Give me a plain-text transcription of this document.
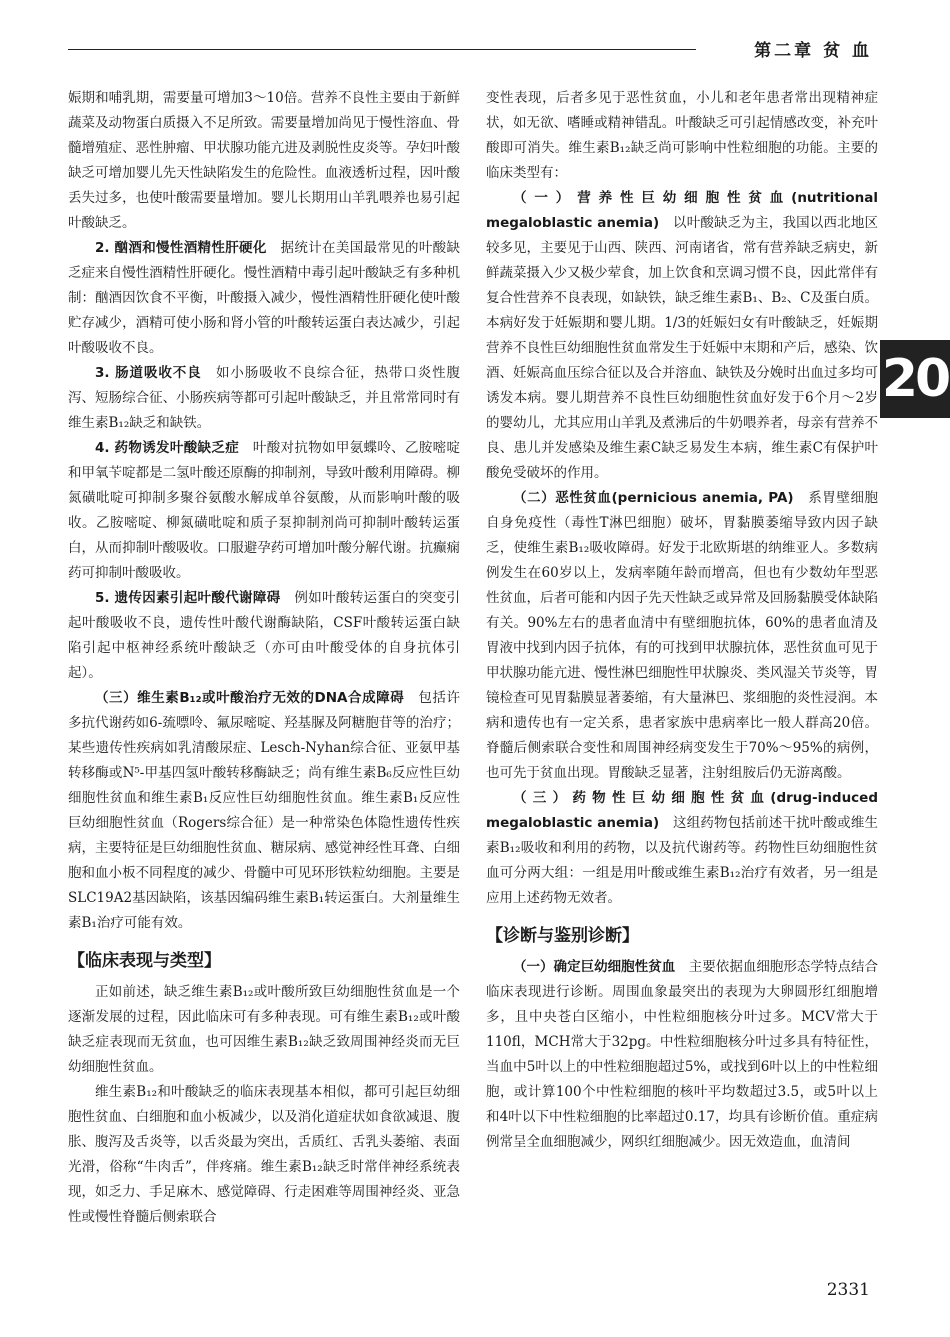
第二章 贫 血

娠期和哺乳期，需要量可增加3～10倍。营养不良性主要由于新鲜蔬菜及动物蛋白质摄入不足所致。需要量增加尚见于慢性溶血、骨髓增殖症、恶性肿瘤、甲状腺功能亢进及剥脱性皮炎等。孕妇叶酸缺乏可增加婴儿先天性缺陷发生的危险性。血液透析过程，因叶酸丢失过多，也使叶酸需要量增加。婴儿长期用山羊乳喂养也易引起叶酸缺乏。

2. 酗酒和慢性酒精性肝硬化　 据统计在美国最常见的叶酸缺乏症来自慢性酒精性肝硬化。慢性酒精中毒引起叶酸缺乏有多种机制：酗酒因饮食不平衡，叶酸摄入减少，慢性酒精性肝硬化使叶酸贮存减少，酒精可使小肠和肾小管的叶酸转运蛋白表达减少，引起叶酸吸收不良。

3. 肠道吸收不良　 如小肠吸收不良综合征，热带口炎性腹泻、短肠综合征、小肠疾病等都可引起叶酸缺乏，并且常常同时有维生素B₁₂缺乏和缺铁。

4. 药物诱发叶酸缺乏症　 叶酸对抗物如甲氨蝶呤、乙胺嘧啶和甲氧苄啶都是二氢叶酸还原酶的抑制剂，导致叶酸利用障碍。柳氮磺吡啶可抑制多聚谷氨酸水解成单谷氨酸，从而影响叶酸的吸收。乙胺嘧啶、柳氮磺吡啶和质子泵抑制剂尚可抑制叶酸转运蛋白，从而抑制叶酸吸收。口服避孕药可增加叶酸分解代谢。抗癫痫药可抑制叶酸吸收。

5. 遗传因素引起叶酸代谢障碍　 例如叶酸转运蛋白的突变引起叶酸吸收不良，遗传性叶酸代谢酶缺陷，CSF叶酸转运蛋白缺陷引起中枢神经系统叶酸缺乏（亦可由叶酸受体的自身抗体引起）。

（三）维生素B₁₂或叶酸治疗无效的DNA合成障碍　 包括许多抗代谢药如6-巯嘌呤、氟尿嘧啶、羟基脲及阿糖胞苷等的治疗；某些遗传性疾病如乳清酸尿症、Lesch-Nyhan综合征、亚氨甲基转移酶或N⁵-甲基四氢叶酸转移酶缺乏；尚有维生素B₆反应性巨幼细胞性贫血和维生素B₁反应性巨幼细胞性贫血。维生素B₁反应性巨幼细胞性贫血（Rogers综合征）是一种常染色体隐性遗传性疾病，主要特征是巨幼细胞性贫血、糖尿病、感觉神经性耳聋、白细胞和血小板不同程度的减少、骨髓中可见环形铁粒幼细胞。主要是SLC19A2基因缺陷，该基因编码维生素B₁转运蛋白。大剂量维生素B₁治疗可能有效。

【临床表现与类型】

正如前述，缺乏维生素B₁₂或叶酸所致巨幼细胞性贫血是一个逐渐发展的过程，因此临床可有多种表现。可有维生素B₁₂或叶酸缺乏症表现而无贫血，也可因维生素B₁₂缺乏致周围神经炎而无巨幼细胞性贫血。

维生素B₁₂和叶酸缺乏的临床表现基本相似，都可引起巨幼细胞性贫血、白细胞和血小板减少，以及消化道症状如食欲减退、腹胀、腹泻及舌炎等，以舌炎最为突出，舌质红、舌乳头萎缩、表面光滑，俗称“牛肉舌”，伴疼痛。维生素B₁₂缺乏时常伴神经系统表现，如乏力、手足麻木、感觉障碍、行走困难等周围神经炎、亚急性或慢性脊髓后侧索联合

变性表现，后者多见于恶性贫血，小儿和老年患者常出现精神症状，如无欲、嗜睡或精神错乱。叶酸缺乏可引起情感改变，补充叶酸即可消失。维生素B₁₂缺乏尚可影响中性粒细胞的功能。主要的临床类型有：

（一）营养性巨幼细胞性贫血(nutritional megaloblastic anemia)　 以叶酸缺乏为主，我国以西北地区较多见，主要见于山西、陕西、河南诸省，常有营养缺乏病史，新鲜蔬菜摄入少又极少荤食，加上饮食和烹调习惯不良，因此常伴有复合性营养不良表现，如缺铁，缺乏维生素B₁、B₂、C及蛋白质。本病好发于妊娠期和婴儿期。1/3的妊娠妇女有叶酸缺乏，妊娠期营养不良性巨幼细胞性贫血常发生于妊娠中末期和产后，感染、饮酒、妊娠高血压综合征以及合并溶血、缺铁及分娩时出血过多均可诱发本病。婴儿期营养不良性巨幼细胞性贫血好发于6个月～2岁的婴幼儿，尤其应用山羊乳及煮沸后的牛奶喂养者，母亲有营养不良、患儿并发感染及维生素C缺乏易发生本病，维生素C有保护叶酸免受破坏的作用。

（二）恶性贫血(pernicious anemia, PA)　 系胃壁细胞自身免疫性（毒性T淋巴细胞）破坏，胃黏膜萎缩导致内因子缺乏，使维生素B₁₂吸收障碍。好发于北欧斯堪的纳维亚人。多数病例发生在60岁以上，发病率随年龄而增高，但也有少数幼年型恶性贫血，后者可能和内因子先天性缺乏或异常及回肠黏膜受体缺陷有关。90%左右的患者血清中有壁细胞抗体，60%的患者血清及胃液中找到内因子抗体，有的可找到甲状腺抗体，恶性贫血可见于甲状腺功能亢进、慢性淋巴细胞性甲状腺炎、类风湿关节炎等，胃镜检查可见胃黏膜显著萎缩，有大量淋巴、浆细胞的炎性浸润。本病和遗传也有一定关系，患者家族中患病率比一般人群高20倍。脊髓后侧索联合变性和周围神经病变发生于70%～95%的病例，也可先于贫血出现。胃酸缺乏显著，注射组胺后仍无游离酸。

（三）药物性巨幼细胞性贫血(drug-induced megaloblastic anemia)　 这组药物包括前述干扰叶酸或维生素B₁₂吸收和利用的药物，以及抗代谢药等。药物性巨幼细胞性贫血可分两大组：一组是用叶酸或维生素B₁₂治疗有效者，另一组是应用上述药物无效者。

【诊断与鉴别诊断】

（一）确定巨幼细胞性贫血　 主要依据血细胞形态学特点结合临床表现进行诊断。周围血象最突出的表现为大卵圆形红细胞增多，且中央苍白区缩小，中性粒细胞核分叶过多。MCV常大于110fl，MCH常大于32pg。中性粒细胞核分叶过多具有特征性，当血中5叶以上的中性粒细胞超过5%，或找到6叶以上的中性粒细胞，或计算100个中性粒细胞的核叶平均数超过3.5，或5叶以上和4叶以下中性粒细胞的比率超过0.17，均具有诊断价值。重症病例常呈全血细胞减少，网织红细胞减少。因无效造血，血清间

20
2331
